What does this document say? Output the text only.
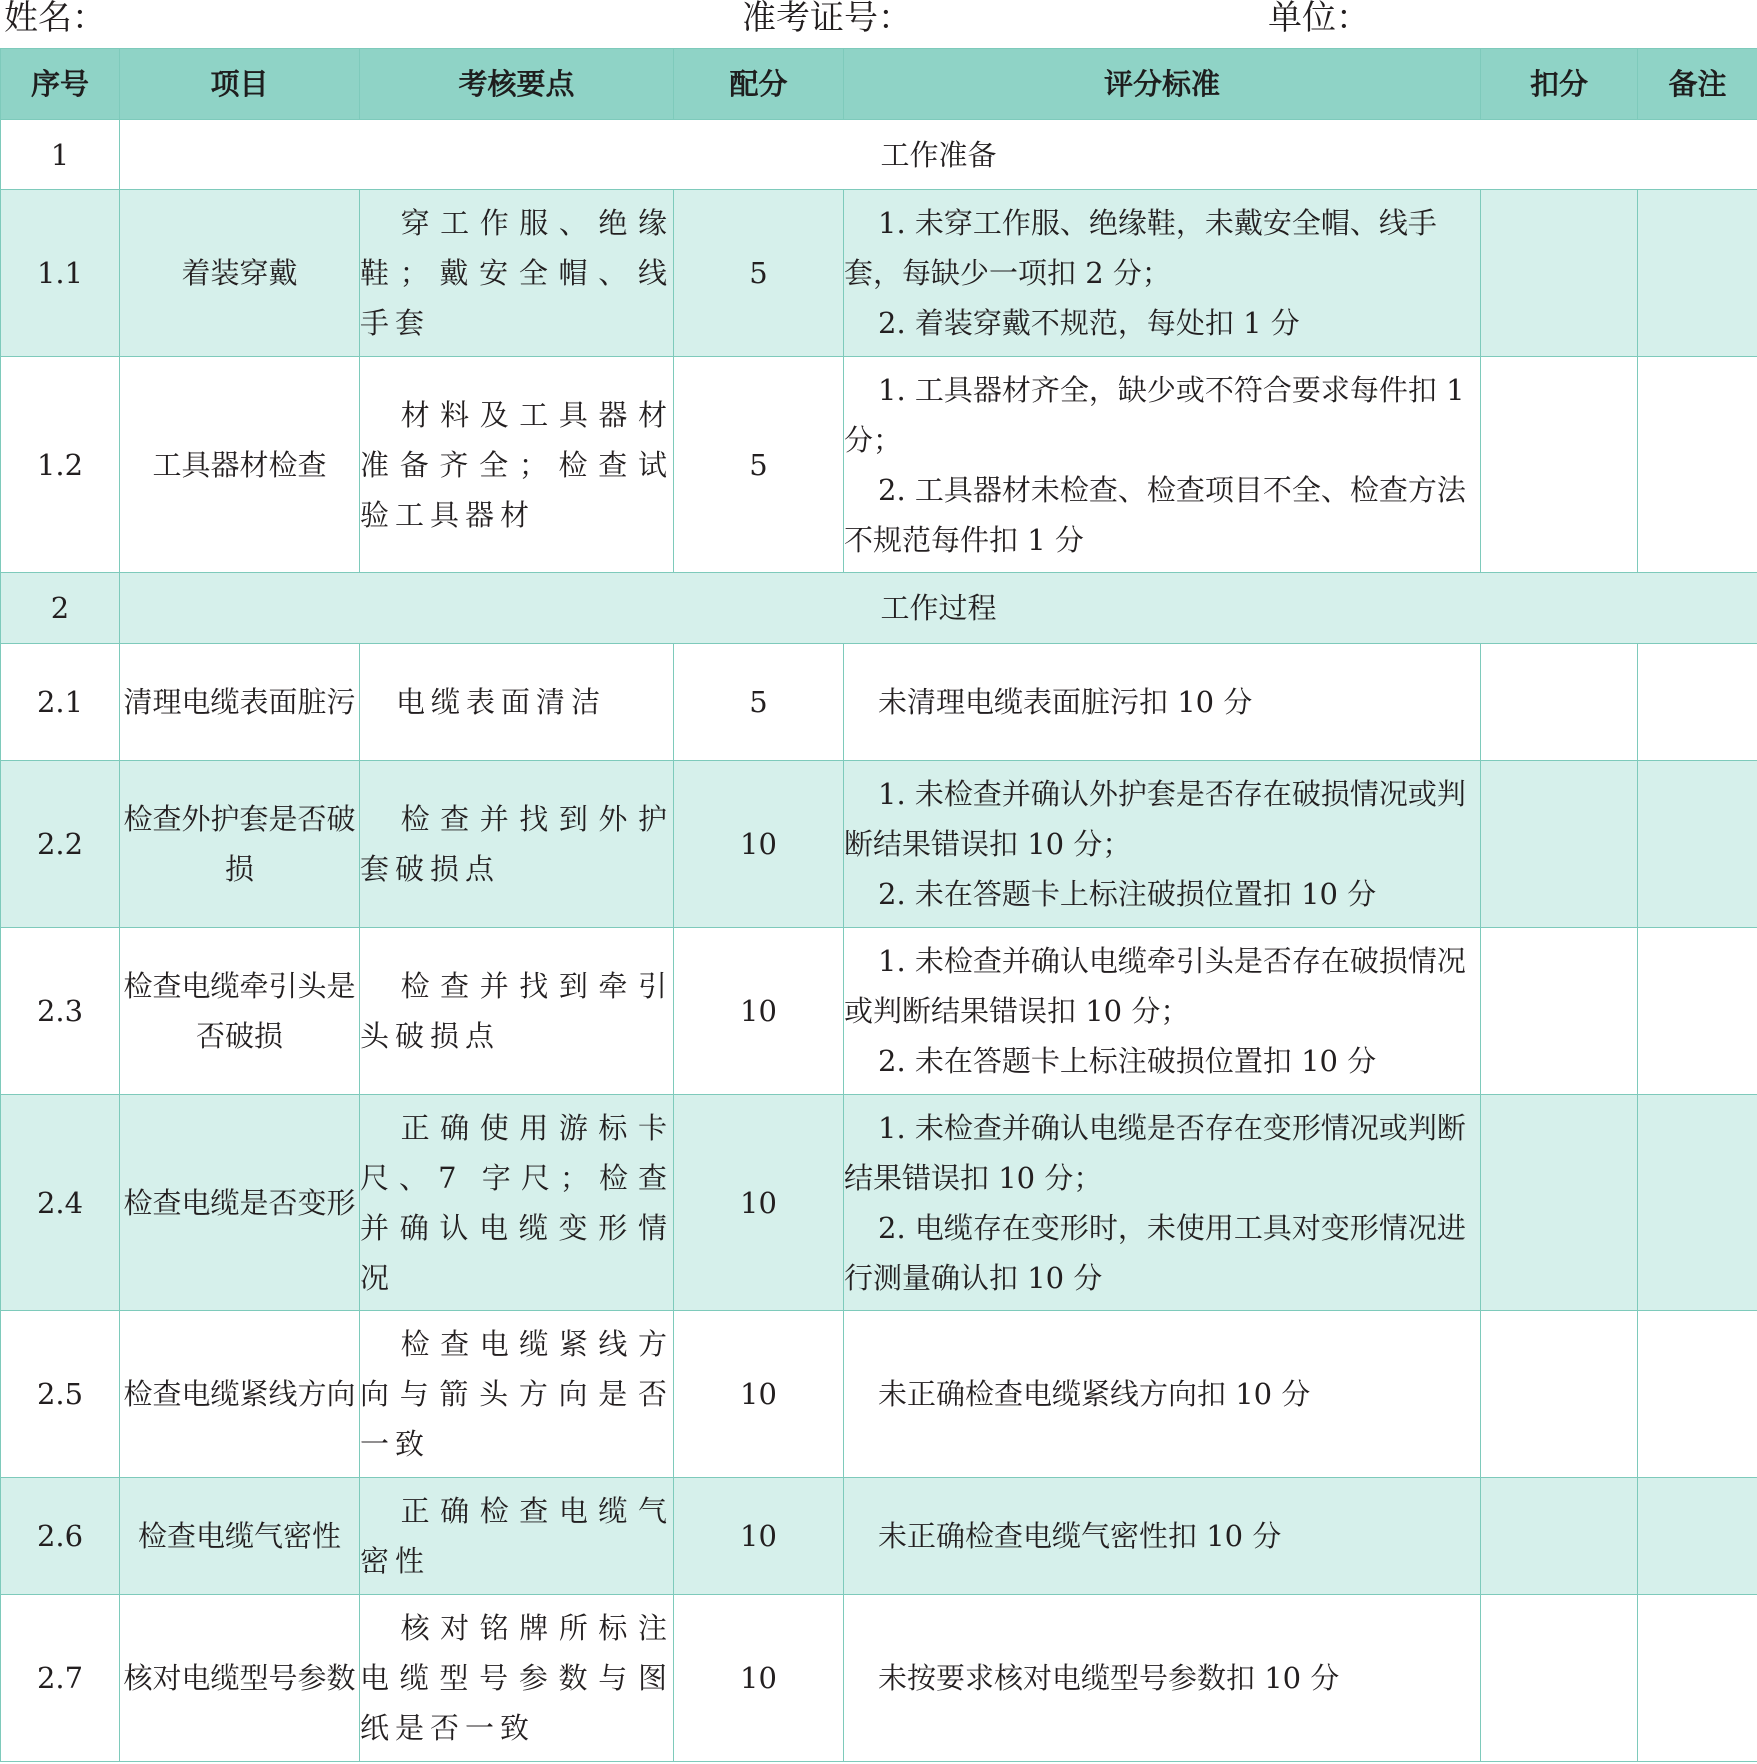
姓名：	准考证号：	单位：
序号	项目	考核要点	配分	评分标准	扣分	备注
1	工作准备					
1.1	着装穿戴	穿工作服、绝缘鞋；戴安全帽、线手套	5	1. 未穿工作服、绝缘鞋，未戴安全帽、线手套，每缺少一项扣 2 分；
2. 着装穿戴不规范，每处扣 1 分		

1.2	工具器材检查	材料及工具器材准备齐全；检查试验工具器材	5	1. 工具器材齐全，缺少或不符合要求每件扣 1 分；
2. 工具器材未检查、检查项目不全、检查方法不规范每件扣 1 分		

2	工作过程					
2.1	清理电缆表面脏污	电缆表面清洁	5	未清理电缆表面脏污扣 10 分		

2.2	检查外护套是否破损	检查并找到外护套破损点	10	1. 未检查并确认外护套是否存在破损情况或判断结果错误扣 10 分；
2. 未在答题卡上标注破损位置扣 10 分		

2.3	检查电缆牵引头是否破损	检查并找到牵引头破损点	10	1. 未检查并确认电缆牵引头是否存在破损情况或判断结果错误扣 10 分；
2. 未在答题卡上标注破损位置扣 10 分		

2.4	检查电缆是否变形	正确使用游标卡尺、7 字尺；检查并确认电缆变形情况	10	1. 未检查并确认电缆是否存在变形情况或判断结果错误扣 10 分；
2. 电缆存在变形时，未使用工具对变形情况进行测量确认扣 10 分		

2.5	检查电缆紧线方向	检查电缆紧线方向与箭头方向是否一致	10	未正确检查电缆紧线方向扣 10 分		

2.6	检查电缆气密性	正确检查电缆气密性	10	未正确检查电缆气密性扣 10 分		

2.7	核对电缆型号参数	核对铭牌所标注电缆型号参数与图纸是否一致	10	未按要求核对电缆型号参数扣 10 分		
